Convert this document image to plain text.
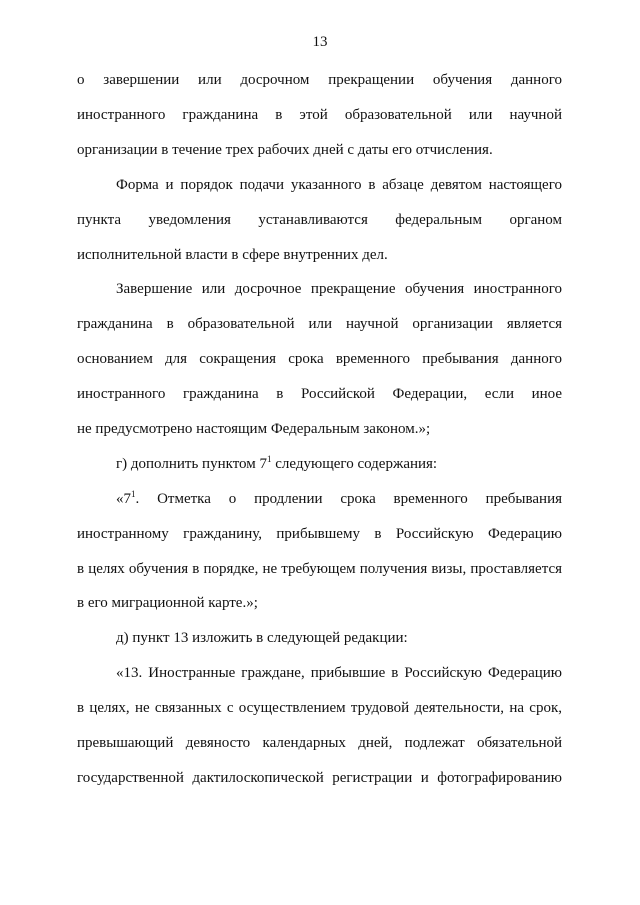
13
о завершении или досрочном прекращении обучения данного
иностранного гражданина в этой образовательной или научной
организации в течение трех рабочих дней с даты его отчисления.
Форма и порядок подачи указанного в абзаце девятом настоящего
пункта уведомления устанавливаются федеральным органом
исполнительной власти в сфере внутренних дел.
Завершение или досрочное прекращение обучения иностранного
гражданина в образовательной или научной организации является
основанием для сокращения срока временного пребывания данного
иностранного гражданина в Российской Федерации, если иное
не предусмотрено настоящим Федеральным законом.»;
г) дополнить пунктом $7^1$ следующего содержания:
«$7^1$. Отметка о продлении срока временного пребывания
иностранному гражданину, прибывшему в Российскую Федерацию
в целях обучения в порядке, не требующем получения визы, проставляется
в его миграционной карте.»;
д) пункт 13 изложить в следующей редакции:
«13. Иностранные граждане, прибывшие в Российскую Федерацию
в целях, не связанных с осуществлением трудовой деятельности, на срок,
превышающий девяносто календарных дней, подлежат обязательной
государственной дактилоскопической регистрации и фотографированию
